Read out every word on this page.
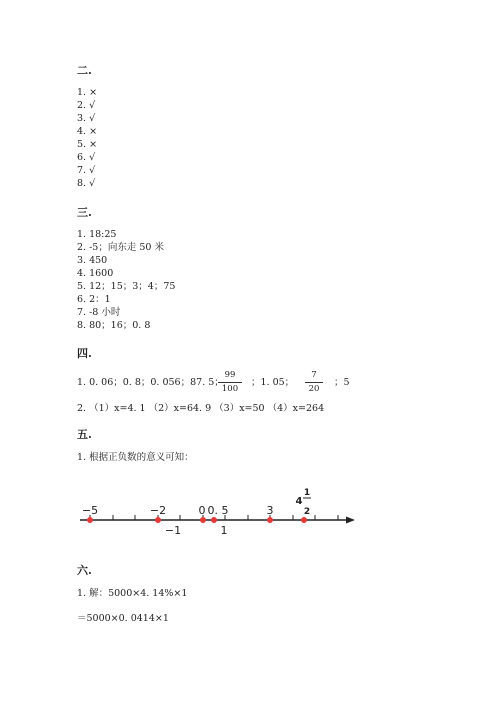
二.
1. ×
2. √
3. √
4. ×
5. ×
6. √
7. √
8. √
三.
1. 18:25
2. -5；向东走 50 米
3. 450
4. 1600
5. 12；15；3；4；75
6. 2：1
7. -8 小时
8. 80；16；0. 8
四.
1. 0. 06；0. 8；0. 056；87. 5；
99
100
；1. 05；
7
20
；5
2. （1）x=4. 1 （2）x=64. 9 （3）x=50 （4）x=264
五.
1. 根据正负数的意义可知：
−5	−2	0 0. 5	3
4
1
2
−1	1
六.
1. 解：5000×4. 14%×1
＝5000×0. 0414×1
